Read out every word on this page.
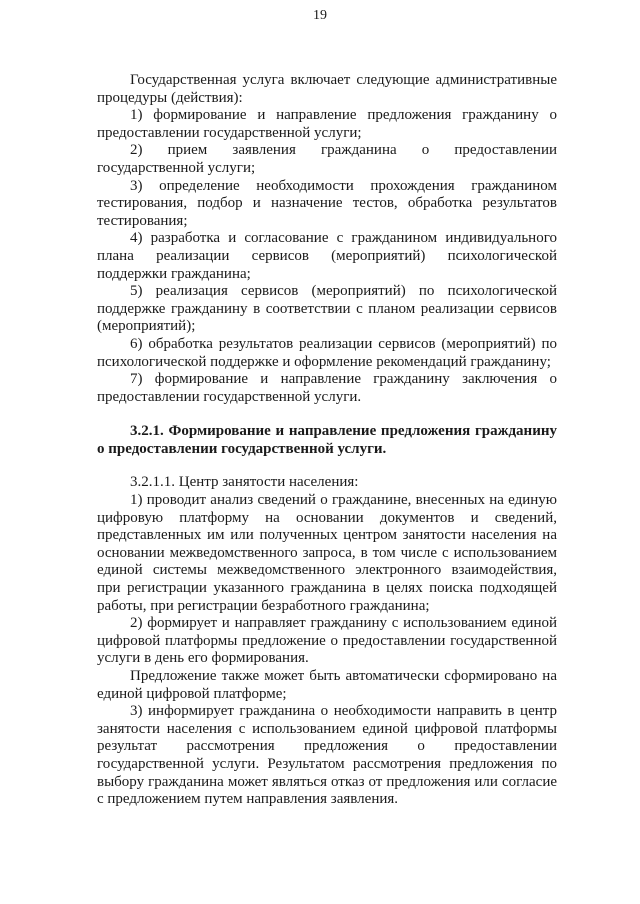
19

Государственная услуга включает следующие административные процедуры (действия):

1) формирование и направление предложения гражданину о предоставлении государственной услуги;

2) прием заявления гражданина о предоставлении государственной услуги;

3) определение необходимости прохождения гражданином тестирования, подбор и назначение тестов, обработка результатов тестирования;

4) разработка и согласование с гражданином индивидуального плана реализации сервисов (мероприятий) психологической поддержки гражданина;

5) реализация сервисов (мероприятий) по психологической поддержке гражданину в соответствии с планом реализации сервисов (мероприятий);

6) обработка результатов реализации сервисов (мероприятий) по психологической поддержке и оформление рекомендаций гражданину;

7) формирование и направление гражданину заключения о предоставлении государственной услуги.

3.2.1. Формирование и направление предложения гражданину о предоставлении государственной услуги.

3.2.1.1. Центр занятости населения:

1) проводит анализ сведений о гражданине, внесенных на единую цифровую платформу на основании документов и сведений, представленных им или полученных центром занятости населения на основании межведомственного запроса, в том числе с использованием единой системы межведомственного электронного взаимодействия, при регистрации указанного гражданина в целях поиска подходящей работы, при регистрации безработного гражданина;

2) формирует и направляет гражданину с использованием единой цифровой платформы предложение о предоставлении государственной услуги в день его формирования.

Предложение также может быть автоматически сформировано на единой цифровой платформе;

3) информирует гражданина о необходимости направить в центр занятости населения с использованием единой цифровой платформы результат рассмотрения предложения о предоставлении государственной услуги. Результатом рассмотрения предложения по выбору гражданина может являться отказ от предложения или согласие с предложением путем направления заявления.
